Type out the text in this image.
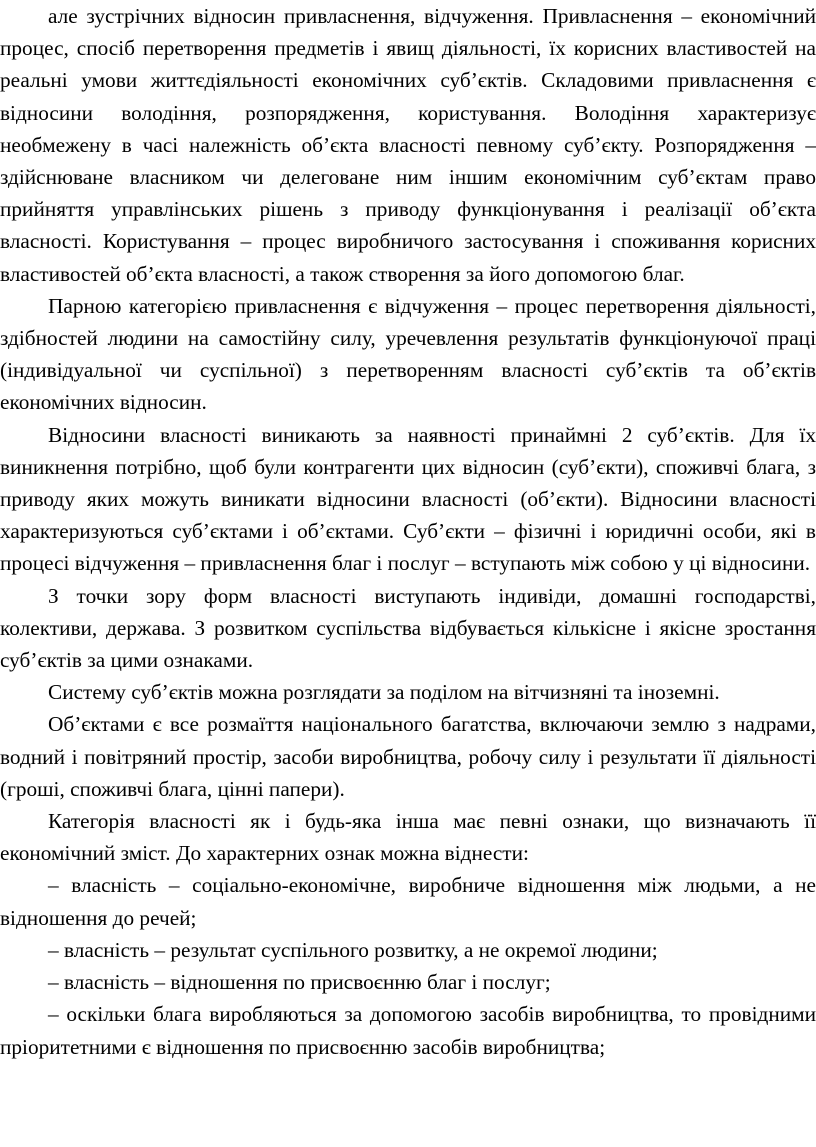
але зустрічних відносин привласнення, відчуження. Привласнення – економічний процес, спосіб перетворення предметів і явищ діяльності, їх корисних властивостей на реальні умови життєдіяльності економічних суб’єктів. Складовими привласнення є відносини володіння, розпорядження, користування. Володіння характеризує необмежену в часі належність об’єкта власності певному суб’єкту. Розпорядження – здійснюване власником чи делеговане ним іншим економічним суб’єктам право прийняття управлінських рішень з приводу функціонування і реалізації об’єкта власності. Користування – процес виробничого застосування і споживання корисних властивостей об’єкта власності, а також створення за його допомогою благ.

Парною категорією привласнення є відчуження – процес перетворення діяльності, здібностей людини на самостійну силу, уречевлення результатів функціонуючої праці (індивідуальної чи суспільної) з перетворенням власності суб’єктів та об’єктів економічних відносин.

Відносини власності виникають за наявності принаймні 2 суб’єктів. Для їх виникнення потрібно, щоб були контрагенти цих відносин (суб’єкти), споживчі блага, з приводу яких можуть виникати відносини власності (об’єкти). Відносини власності характеризуються суб’єктами і об’єктами. Суб’єкти – фізичні і юридичні особи, які в процесі відчуження – привласнення благ і послуг – вступають між собою у ці відносини.

З точки зору форм власності виступають індивіди, домашні господарстві, колективи, держава. З розвитком суспільства відбувається кількісне і якісне зростання суб’єктів за цими ознаками.

Систему суб’єктів можна розглядати за поділом на вітчизняні та іноземні.

Об’єктами є все розмаїття національного багатства, включаючи землю з надрами, водний і повітряний простір, засоби виробництва, робочу силу і результати її діяльності (гроші, споживчі блага, цінні папери).

Категорія власності як і будь-яка інша має певні ознаки, що визначають її економічний зміст. До характерних ознак можна віднести:

– власність – соціально-економічне, виробниче відношення між людьми, а не відношення до речей;

– власність – результат суспільного розвитку, а не окремої людини;

– власність – відношення по присвоєнню благ і послуг;

– оскільки блага виробляються за допомогою засобів виробництва, то провідними пріоритетними є відношення по присвоєнню засобів виробництва;
